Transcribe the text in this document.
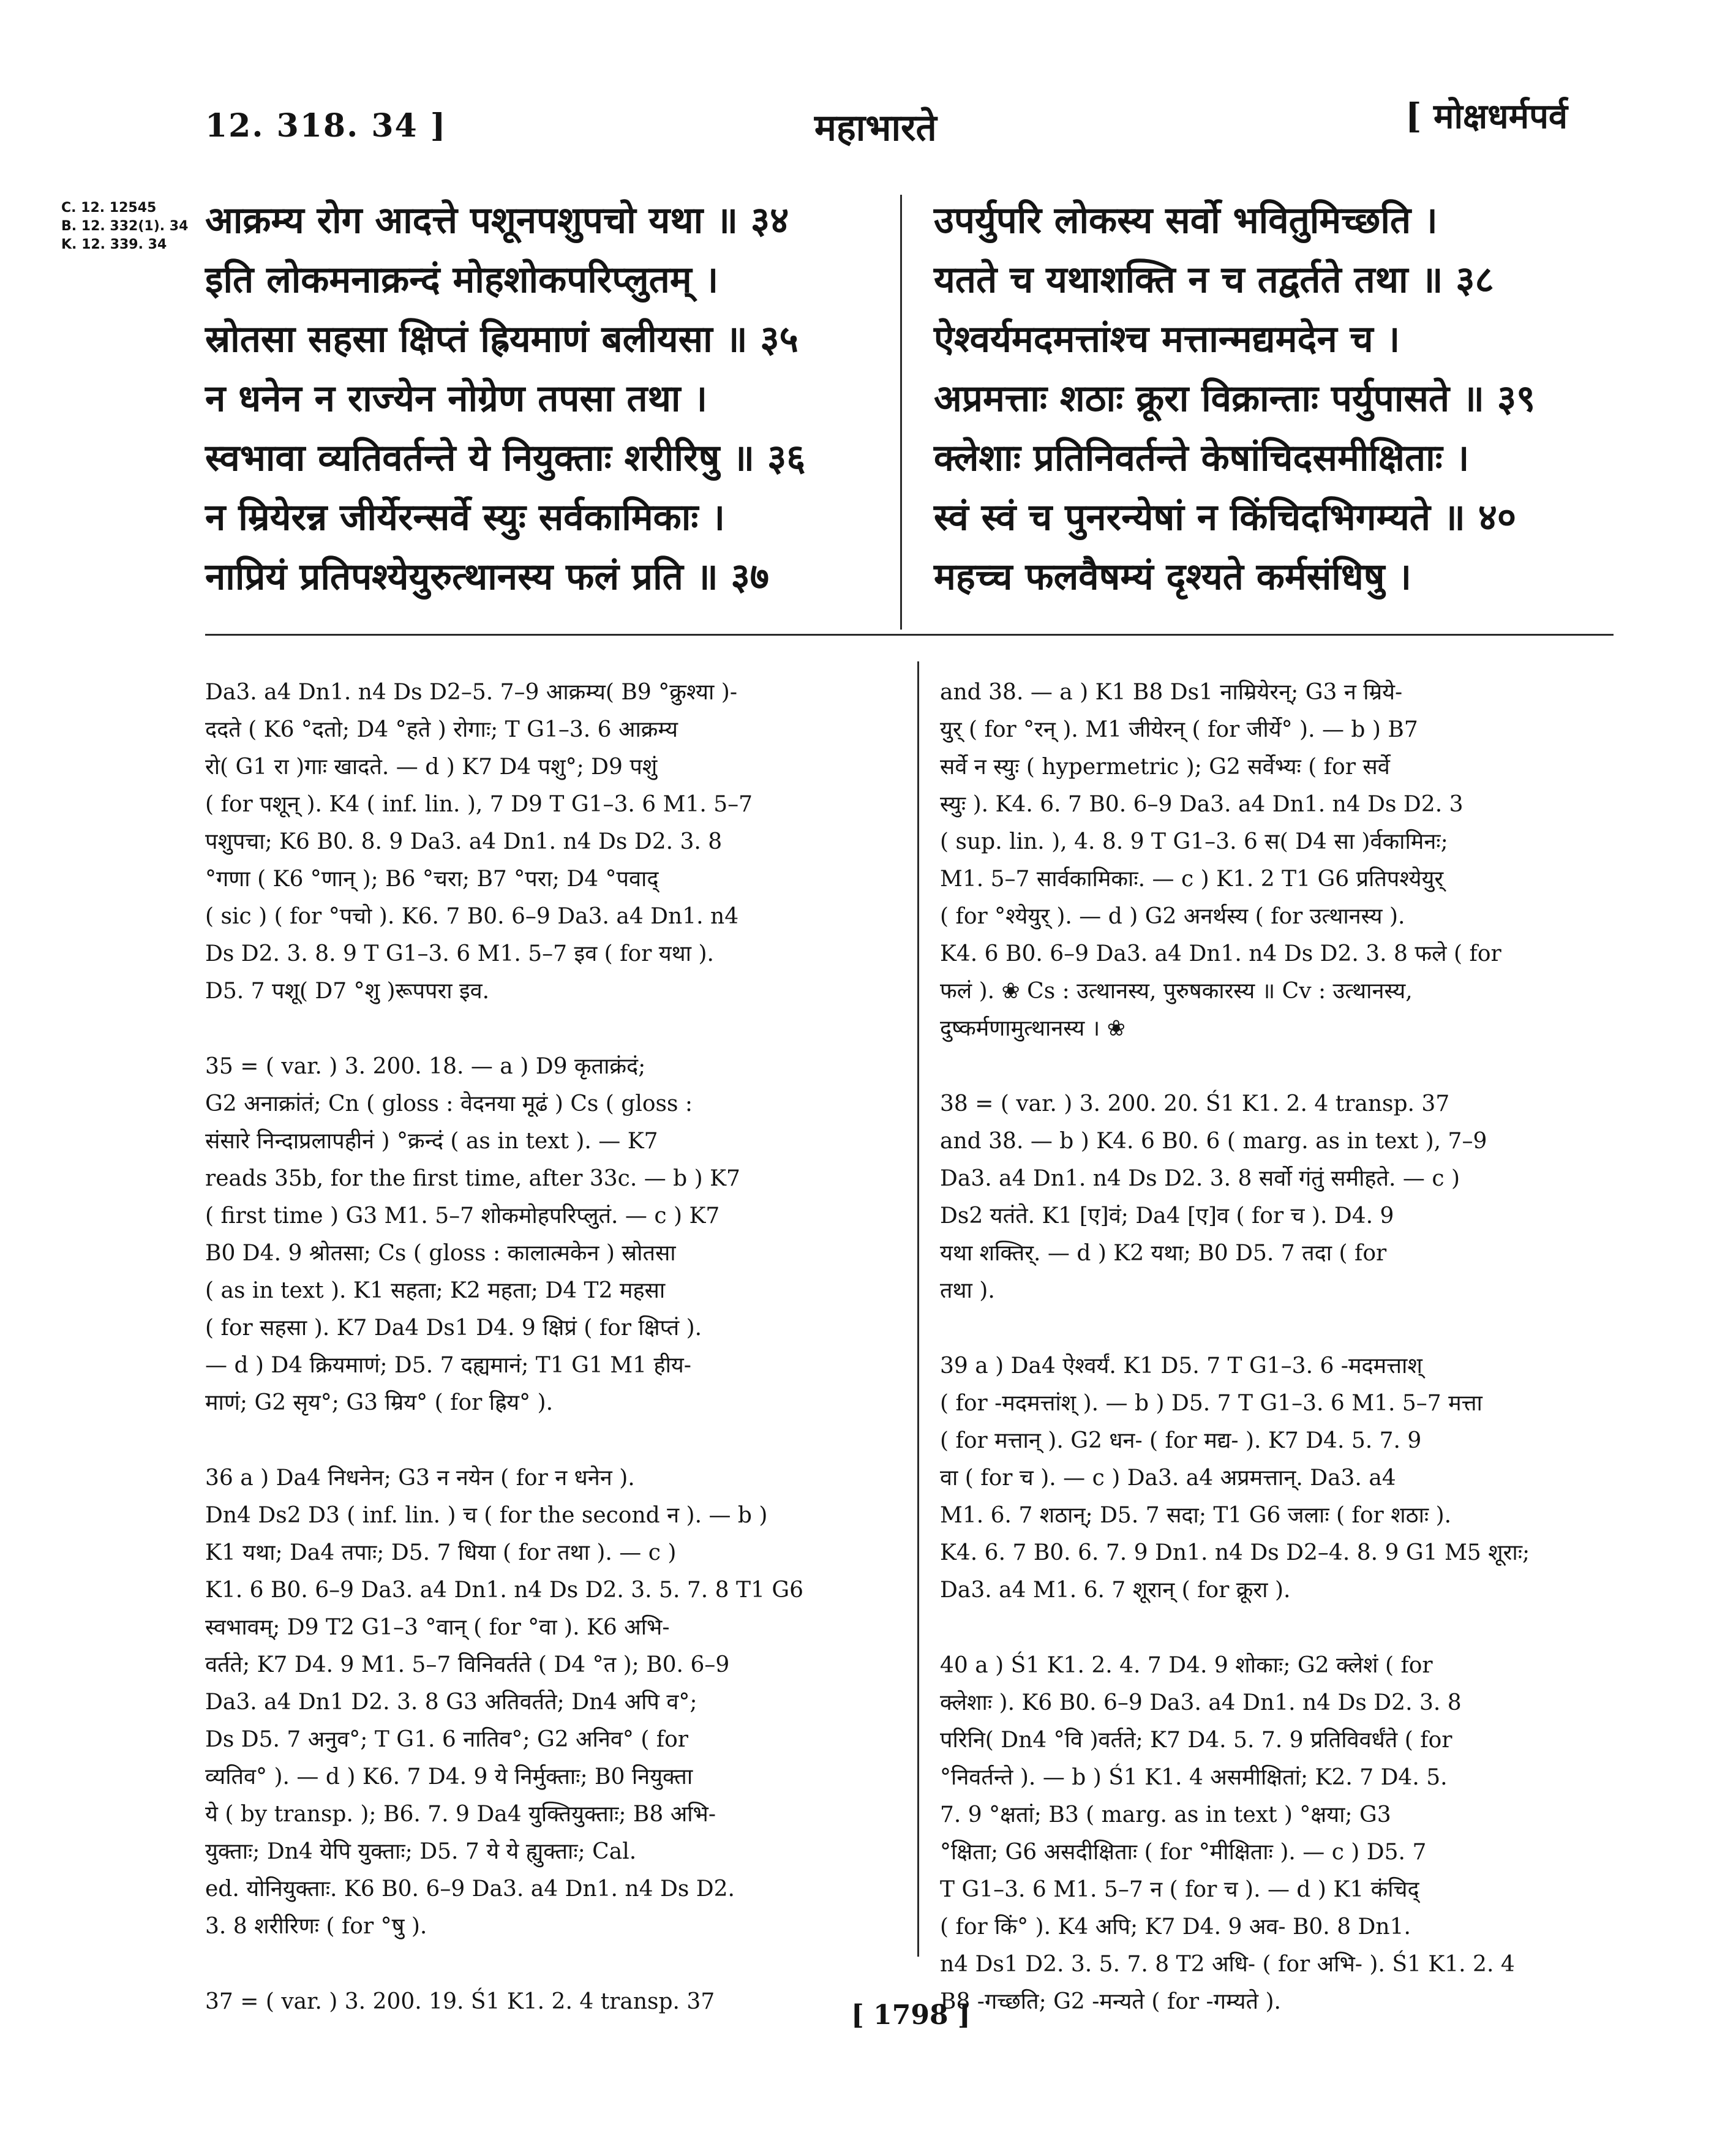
12. 318. 34 ]	महाभारते	[ मोक्षधर्मपर्व
C. 12. 12545
B. 12. 332(1). 34
K. 12. 339. 34
आक्रम्य रोग आदत्ते पशूनपशुपचो यथा ॥ ३४
इति लोकमनाक्रन्दं मोहशोकपरिप्लुतम् ।
स्रोतसा सहसा क्षिप्तं ह्रियमाणं बलीयसा ॥ ३५
न धनेन न राज्येन नोग्रेण तपसा तथा ।
स्वभावा व्यतिवर्तन्ते ये नियुक्ताः शरीरिषु ॥ ३६
न म्रियेरन्न जीर्येरन्सर्वे स्युः सर्वकामिकाः ।
नाप्रियं प्रतिपश्येयुरुत्थानस्य फलं प्रति ॥ ३७
उपर्युपरि लोकस्य सर्वो भवितुमिच्छति ।
यतते च यथाशक्ति न च तद्वर्तते तथा ॥ ३८
ऐश्वर्यमदमत्तांश्च मत्तान्मद्यमदेन च ।
अप्रमत्ताः शठाः क्रूरा विक्रान्ताः पर्युपासते ॥ ३९
क्लेशाः प्रतिनिवर्तन्ते केषांचिदसमीक्षिताः ।
स्वं स्वं च पुनरन्येषां न किंचिदभिगम्यते ॥ ४०
महच्च फलवैषम्यं दृश्यते कर्मसंधिषु ।
Da3. a4 Dn1. n4 Ds D2–5. 7–9 आक्रम्य( B9 °क्रुश्या )-
ददते ( K6 °दतो; D4 °हते ) रोगाः; T G1–3. 6 आक्रम्य
रो( G1 रा )गाः खादते. — d ) K7 D4 पशु°; D9 पशुं
( for पशून् ). K4 ( inf. lin. ), 7 D9 T G1–3. 6 M1. 5–7
पशुपचा; K6 B0. 8. 9 Da3. a4 Dn1. n4 Ds D2. 3. 8
°गणा ( K6 °णान् ); B6 °चरा; B7 °परा; D4 °पवाद्
( sic ) ( for °पचो ). K6. 7 B0. 6–9 Da3. a4 Dn1. n4
Ds D2. 3. 8. 9 T G1–3. 6 M1. 5–7 इव ( for यथा ).
D5. 7 पशू( D7 °शु )रूपपरा इव.
35 = ( var. ) 3. 200. 18. — a ) D9 कृताक्रंदं;
G2 अनाक्रांतं; Cn ( gloss : वेदनया मूढं ) Cs ( gloss :
संसारे निन्दाप्रलापहीनं ) °क्रन्दं ( as in text ). — K7
reads 35b, for the first time, after 33c. — b ) K7
( first time ) G3 M1. 5–7 शोकमोहपरिप्लुतं. — c ) K7
B0 D4. 9 श्रोतसा; Cs ( gloss : कालात्मकेन ) स्रोतसा
( as in text ). K1 सहता; K2 महता; D4 T2 महसा
( for सहसा ). K7 Da4 Ds1 D4. 9 क्षिप्रं ( for क्षिप्तं ).
— d ) D4 क्रियमाणं; D5. 7 दह्यमानं; T1 G1 M1 हीय-
माणं; G2 सृय°; G3 म्रिय° ( for ह्रिय° ).
36 a ) Da4 निधनेन; G3 न नयेन ( for न धनेन ).
Dn4 Ds2 D3 ( inf. lin. ) च ( for the second न ). — b )
K1 यथा; Da4 तपाः; D5. 7 धिया ( for तथा ). — c )
K1. 6 B0. 6–9 Da3. a4 Dn1. n4 Ds D2. 3. 5. 7. 8 T1 G6
स्वभावम्; D9 T2 G1–3 °वान् ( for °वा ). K6 अभि-
वर्तते; K7 D4. 9 M1. 5–7 विनिवर्तते ( D4 °त ); B0. 6–9
Da3. a4 Dn1 D2. 3. 8 G3 अतिवर्तते; Dn4 अपि व°;
Ds D5. 7 अनुव°; T G1. 6 नातिव°; G2 अनिव° ( for
व्यतिव° ). — d ) K6. 7 D4. 9 ये निर्मुक्ताः; B0 नियुक्ता
ये ( by transp. ); B6. 7. 9 Da4 युक्तियुक्ताः; B8 अभि-
युक्ताः; Dn4 येपि युक्ताः; D5. 7 ये ये ह्युक्ताः; Cal.
ed. योनियुक्ताः. K6 B0. 6–9 Da3. a4 Dn1. n4 Ds D2.
3. 8 शरीरिणः ( for °षु ).
37 = ( var. ) 3. 200. 19. Ś1 K1. 2. 4 transp. 37
and 38. — a ) K1 B8 Ds1 नाम्रियेरन्; G3 न म्रिये-
युर् ( for °रन् ). M1 जीयेरन् ( for जीर्ये° ). — b ) B7
सर्वे न स्युः ( hypermetric ); G2 सर्वेभ्यः ( for सर्वे
स्युः ). K4. 6. 7 B0. 6–9 Da3. a4 Dn1. n4 Ds D2. 3
( sup. lin. ), 4. 8. 9 T G1–3. 6 स( D4 सा )र्वकामिनः;
M1. 5–7 सार्वकामिकाः. — c ) K1. 2 T1 G6 प्रतिपश्येयुर्
( for °श्येयुर् ). — d ) G2 अनर्थस्य ( for उत्थानस्य ).
K4. 6 B0. 6–9 Da3. a4 Dn1. n4 Ds D2. 3. 8 फले ( for
फलं ). ❀ Cs : उत्थानस्य, पुरुषकारस्य ॥ Cv : उत्थानस्य,
दुष्कर्मणामुत्थानस्य । ❀
38 = ( var. ) 3. 200. 20. Ś1 K1. 2. 4 transp. 37
and 38. — b ) K4. 6 B0. 6 ( marg. as in text ), 7–9
Da3. a4 Dn1. n4 Ds D2. 3. 8 सर्वो गंतुं समीहते. — c )
Ds2 यतंते. K1 [ए]वं; Da4 [ए]व ( for च ). D4. 9
यथा शक्तिर्. — d ) K2 यथा; B0 D5. 7 तदा ( for
तथा ).
39 a ) Da4 ऐश्वर्यं. K1 D5. 7 T G1–3. 6 -मदमत्ताश्
( for -मदमत्तांश् ). — b ) D5. 7 T G1–3. 6 M1. 5–7 मत्ता
( for मत्तान् ). G2 धन- ( for मद्य- ). K7 D4. 5. 7. 9
वा ( for च ). — c ) Da3. a4 अप्रमत्तान्. Da3. a4
M1. 6. 7 शठान्; D5. 7 सदा; T1 G6 जलाः ( for शठाः ).
K4. 6. 7 B0. 6. 7. 9 Dn1. n4 Ds D2–4. 8. 9 G1 M5 शूराः;
Da3. a4 M1. 6. 7 शूरान् ( for क्रूरा ).
40 a ) Ś1 K1. 2. 4. 7 D4. 9 शोकाः; G2 क्लेशं ( for
क्लेशाः ). K6 B0. 6–9 Da3. a4 Dn1. n4 Ds D2. 3. 8
परिनि( Dn4 °वि )वर्तते; K7 D4. 5. 7. 9 प्रतिविवर्धंते ( for
°निवर्तन्ते ). — b ) Ś1 K1. 4 असमीक्षितां; K2. 7 D4. 5.
7. 9 °क्षतां; B3 ( marg. as in text ) °क्षया; G3
°क्षिता; G6 असदीक्षिताः ( for °मीक्षिताः ). — c ) D5. 7
T G1–3. 6 M1. 5–7 न ( for च ). — d ) K1 कंचिद्
( for किं° ). K4 अपि; K7 D4. 9 अव- B0. 8 Dn1.
n4 Ds1 D2. 3. 5. 7. 8 T2 अधि- ( for अभि- ). Ś1 K1. 2. 4
B8 -गच्छति; G2 -मन्यते ( for -गम्यते ).
[ 1798 ]
